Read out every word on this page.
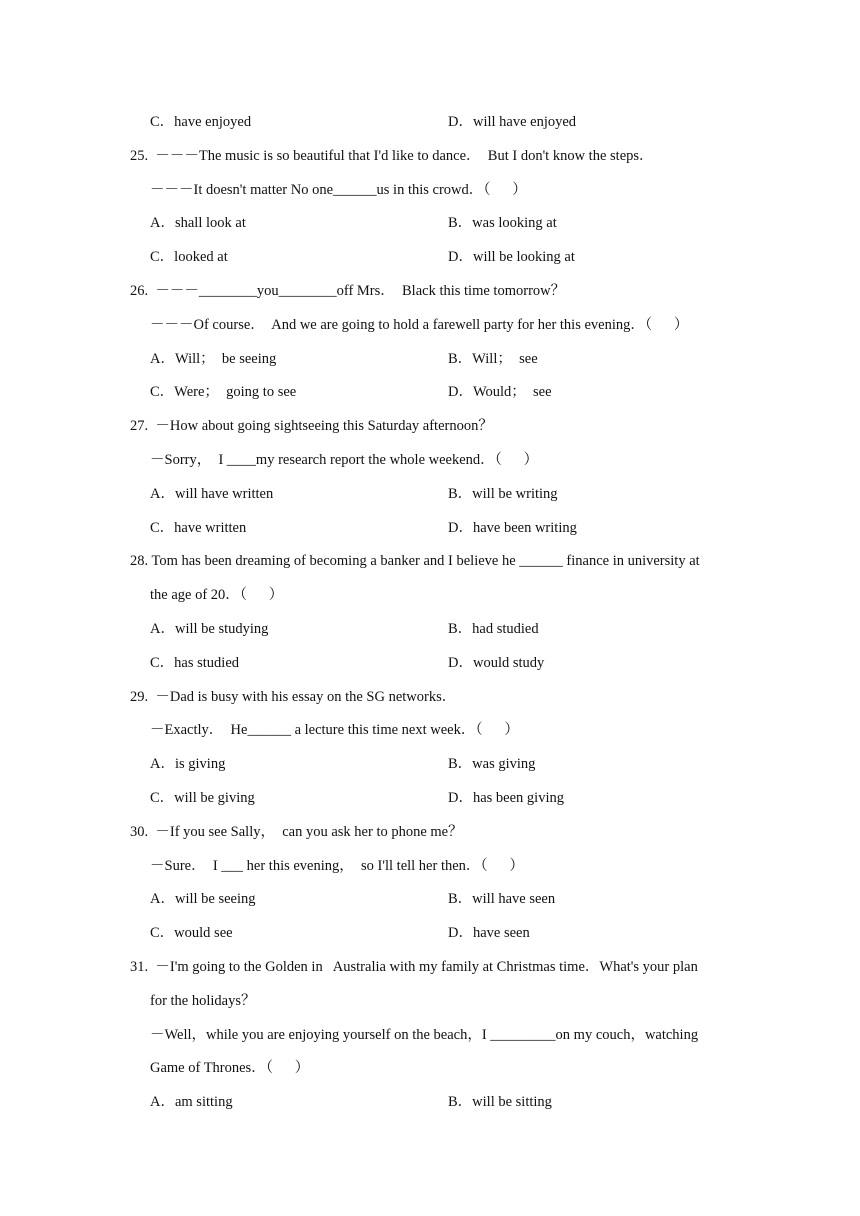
C．have enjoyed	D．will have enjoyed
25.  －－－The music is so beautiful that I'd like to dance．  But I don't know the steps．
－－－It doesn't matter No one______us in this crowd．（      ）
A．shall look at	B．was looking at
C．looked at	D．will be looking at
26.  －－－________you________off Mrs．  Black this time tomorrow？
－－－Of course．  And we are going to hold a farewell party for her this evening．（      ）
A．Will；  be seeing	B．Will；  see
C．Were；  going to see	D．Would；  see
27.  －How about going sightseeing this Saturday afternoon？
－Sorry，  I ____my research report the whole weekend．（      ）
A．will have written	B．will be writing
C．have written	D．have been writing
28. Tom has been dreaming of becoming a banker and I believe he ______ finance in university at
the age of 20．（      ）
A．will be studying	B．had studied
C．has studied	D．would study
29.  －Dad is busy with his essay on the SG networks．
－Exactly．  He______ a lecture this time next week．（      ）
A．is giving	B．was giving
C．will be giving	D．has been giving
30.  －If you see Sally，  can you ask her to phone me？
－Sure．  I ___ her this evening，  so I'll tell her then．（      ）
A．will be seeing	B．will have seen
C．would see	D．have seen
31.  －I'm going to the Golden in   Australia with my family at Christmas time．What's your plan
for the holidays？
－Well，while you are enjoying yourself on the beach，I _________on my couch，watching
Game of Thrones．（      ）
A．am sitting	B．will be sitting
